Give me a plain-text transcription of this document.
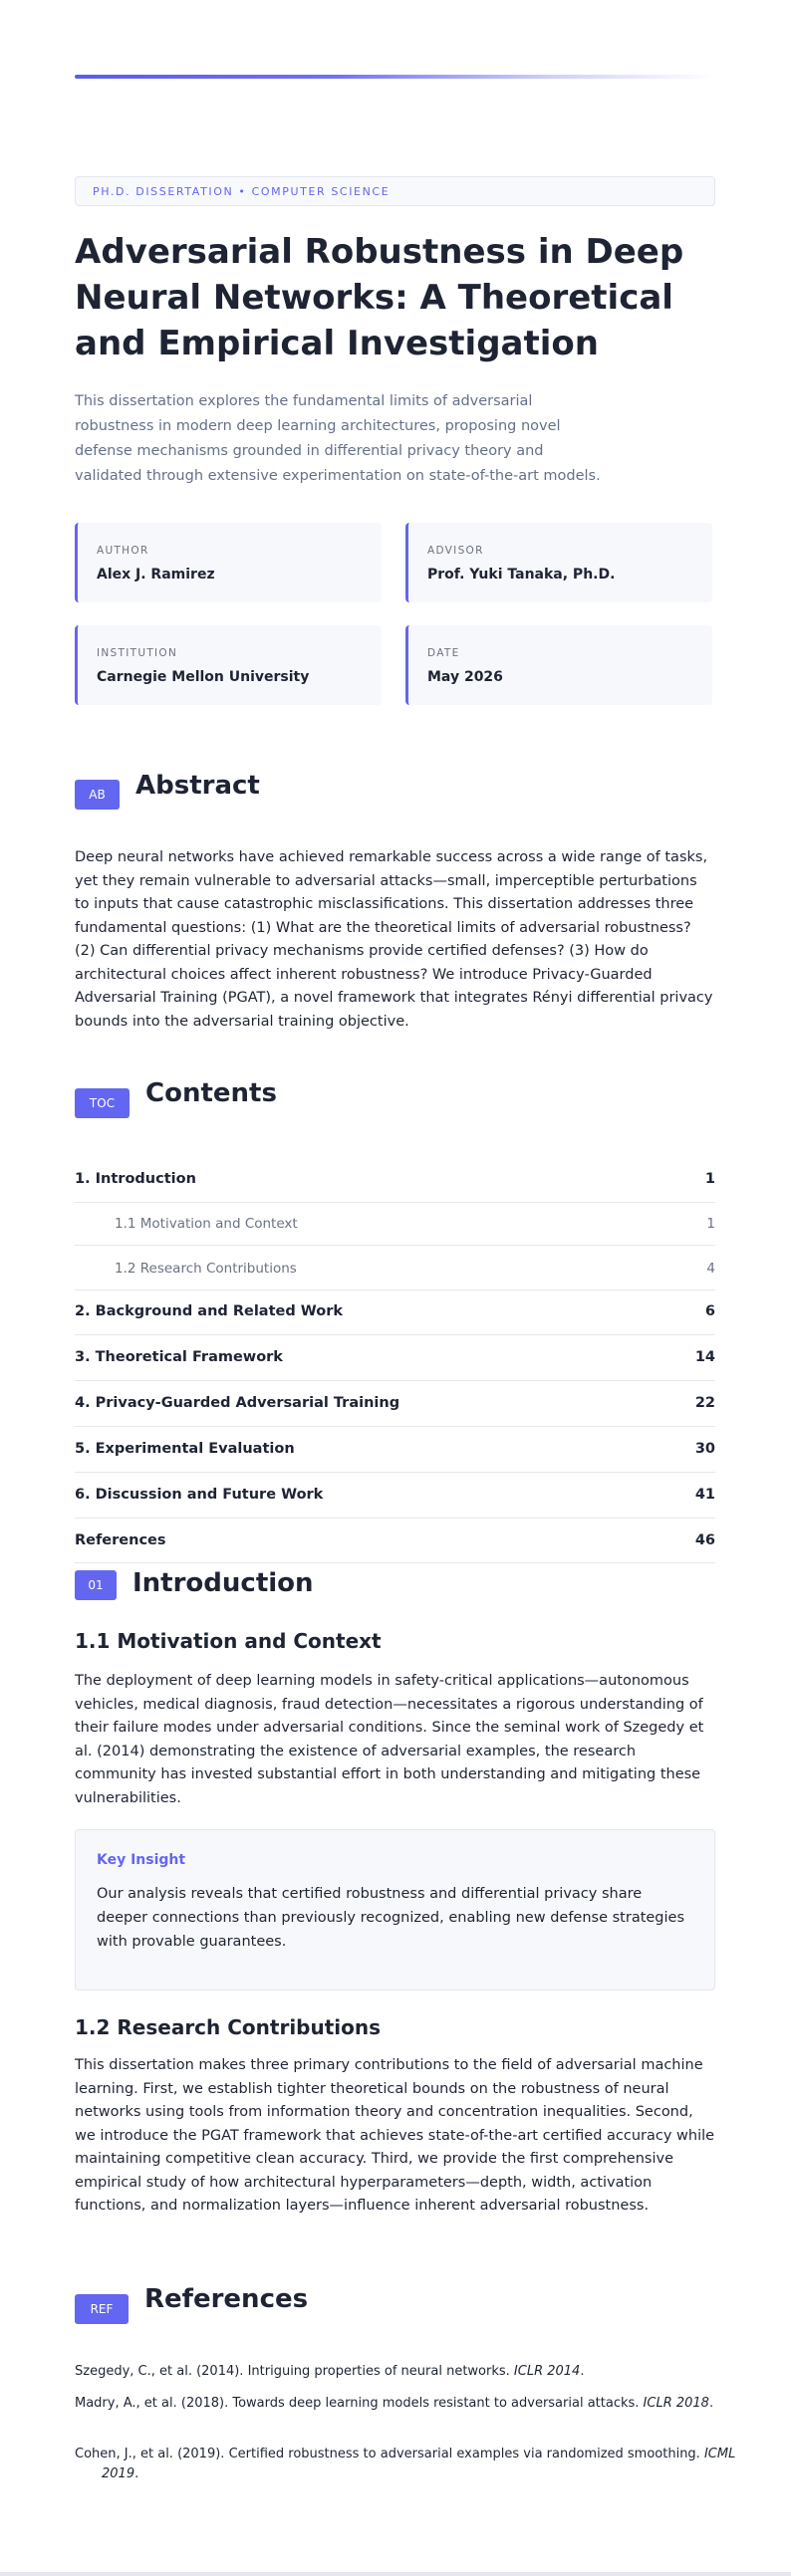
PH.D. DISSERTATION • COMPUTER SCIENCE
Adversarial Robustness in Deep Neural Networks: A Theoretical and Empirical Investigation

This dissertation explores the fundamental limits of adversarial robustness in modern deep learning architectures, proposing novel defense mechanisms grounded in differential privacy theory and validated through extensive experimentation on state-of-the-art models.

AUTHOR
Alex J. Ramirez
ADVISOR
Prof. Yuki Tanaka, Ph.D.
INSTITUTION
Carnegie Mellon University
DATE
May 2026
AB	Abstract

Deep neural networks have achieved remarkable success across a wide range of tasks, yet they remain vulnerable to adversarial attacks—small, imperceptible perturbations to inputs that cause catastrophic misclassifications. This dissertation addresses three fundamental questions: (1) What are the theoretical limits of adversarial robustness? (2) Can differential privacy mechanisms provide certified defenses? (3) How do architectural choices affect inherent robustness? We introduce Privacy-Guarded Adversarial Training (PGAT), a novel framework that integrates Rényi differential privacy bounds into the adversarial training objective.

TOC	Contents
1. Introduction	1
1.1 Motivation and Context	1
1.2 Research Contributions	4
2. Background and Related Work	6
3. Theoretical Framework	14
4. Privacy-Guarded Adversarial Training	22
5. Experimental Evaluation	30
6. Discussion and Future Work	41
References	46
01	Introduction
1.1 Motivation and Context

The deployment of deep learning models in safety-critical applications—autonomous vehicles, medical diagnosis, fraud detection—necessitates a rigorous understanding of their failure modes under adversarial conditions. Since the seminal work of Szegedy et al. (2014) demonstrating the existence of adversarial examples, the research community has invested substantial effort in both understanding and mitigating these vulnerabilities.

Key Insight

Our analysis reveals that certified robustness and differential privacy share deeper connections than previously recognized, enabling new defense strategies with provable guarantees.

1.2 Research Contributions

This dissertation makes three primary contributions to the field of adversarial machine learning. First, we establish tighter theoretical bounds on the robustness of neural networks using tools from information theory and concentration inequalities. Second, we introduce the PGAT framework that achieves state-of-the-art certified accuracy while maintaining competitive clean accuracy. Third, we provide the first comprehensive empirical study of how architectural hyperparameters—depth, width, activation functions, and normalization layers—influence inherent adversarial robustness.

REF	References

Szegedy, C., et al. (2014). Intriguing properties of neural networks. ICLR 2014.

Madry, A., et al. (2018). Towards deep learning models resistant to adversarial attacks. ICLR 2018.

Cohen, J., et al. (2019). Certified robustness to adversarial examples via randomized smoothing. ICML 2019.
